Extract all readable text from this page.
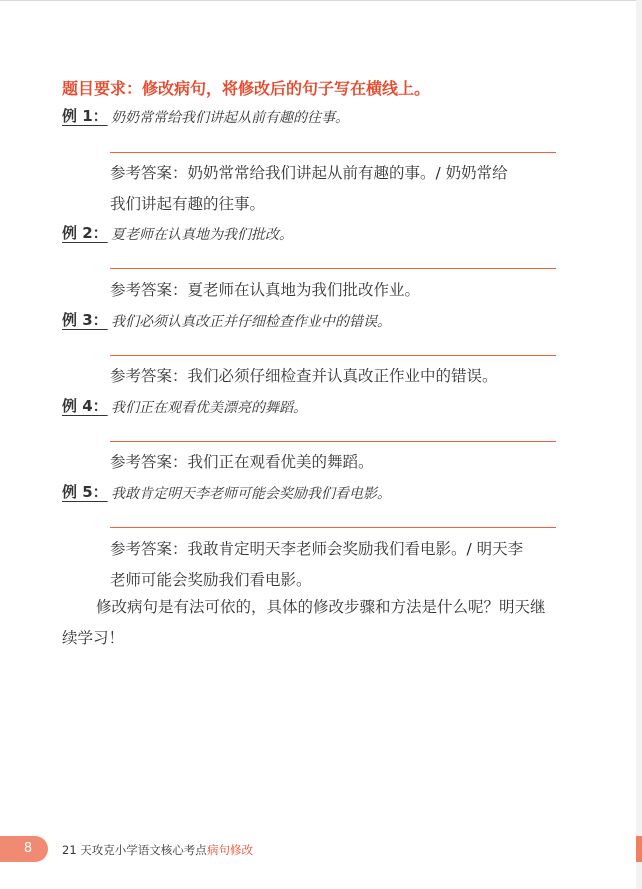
题目要求：修改病句，将修改后的句子写在横线上。
例 1： 奶奶常常给我们讲起从前有趣的往事。
参考答案：奶奶常常给我们讲起从前有趣的事。/ 奶奶常给
我们讲起有趣的往事。
例 2： 夏老师在认真地为我们批改。
参考答案：夏老师在认真地为我们批改作业。
例 3： 我们必须认真改正并仔细检查作业中的错误。
参考答案：我们必须仔细检查并认真改正作业中的错误。
例 4： 我们正在观看优美漂亮的舞蹈。
参考答案：我们正在观看优美的舞蹈。
例 5： 我敢肯定明天李老师可能会奖励我们看电影。
参考答案：我敢肯定明天李老师会奖励我们看电影。/ 明天李
老师可能会奖励我们看电影。
修改病句是有法可依的，具体的修改步骤和方法是什么呢？明天继续学习！
8	21 天攻克小学语文核心考点 病句修改
